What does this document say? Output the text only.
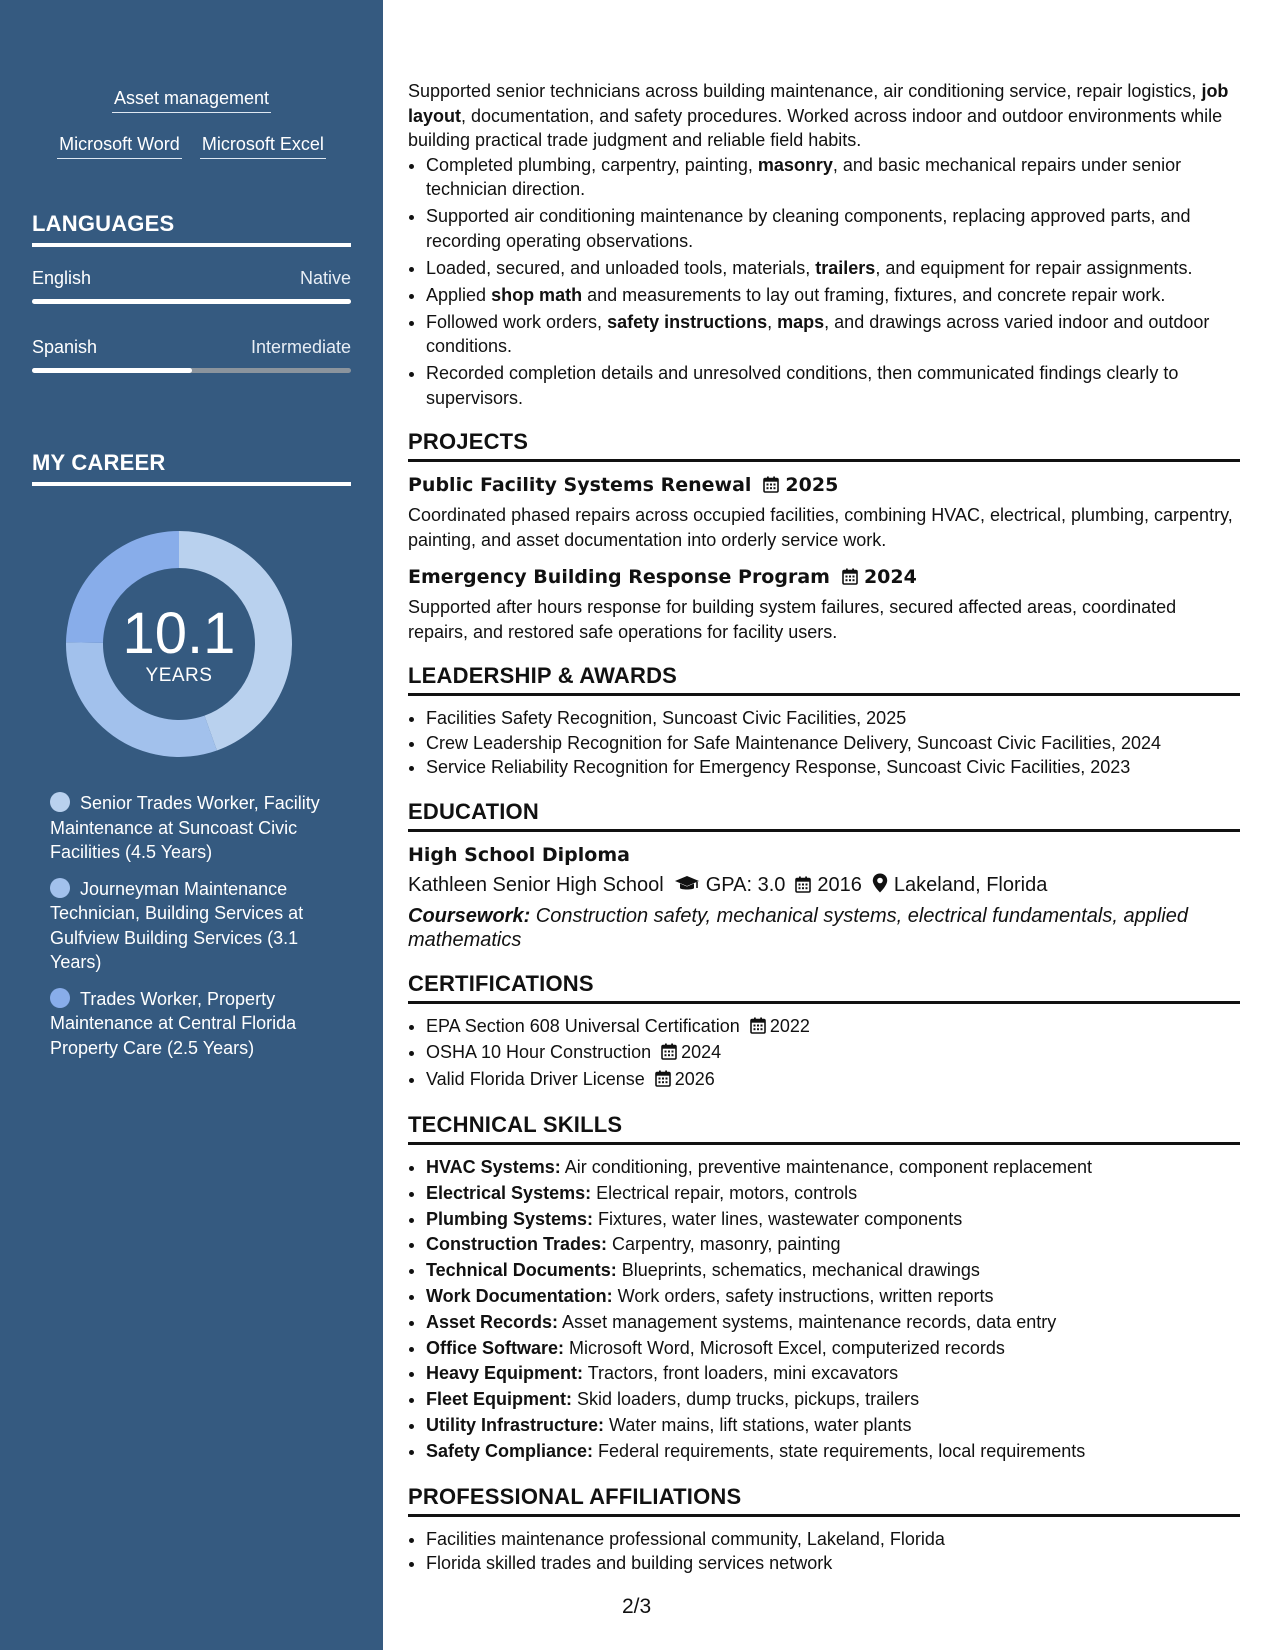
Asset management
Microsoft Word Microsoft Excel
LANGUAGES
English	Native
Spanish	Intermediate
MY CAREER
10.1
YEARS
Senior Trades Worker, Facility Maintenance at Suncoast Civic Facilities (4.5 Years)
Journeyman Maintenance Technician, Building Services at Gulfview Building Services (3.1 Years)
Trades Worker, Property Maintenance at Central Florida Property Care (2.5 Years)
Supported senior technicians across building maintenance, air conditioning service, repair logistics, job layout, documentation, and safety procedures. Worked across indoor and outdoor environments while building practical trade judgment and reliable field habits.
• Completed plumbing, carpentry, painting, masonry, and basic mechanical repairs under senior technician direction.
• Supported air conditioning maintenance by cleaning components, replacing approved parts, and recording operating observations.
• Loaded, secured, and unloaded tools, materials, trailers, and equipment for repair assignments.
• Applied shop math and measurements to lay out framing, fixtures, and concrete repair work.
• Followed work orders, safety instructions, maps, and drawings across varied indoor and outdoor conditions.
• Recorded completion details and unresolved conditions, then communicated findings clearly to supervisors.
PROJECTS
Public Facility Systems Renewal 2025
Coordinated phased repairs across occupied facilities, combining HVAC, electrical, plumbing, carpentry, painting, and asset documentation into orderly service work.
Emergency Building Response Program 2024
Supported after hours response for building system failures, secured affected areas, coordinated repairs, and restored safe operations for facility users.
LEADERSHIP & AWARDS
• Facilities Safety Recognition, Suncoast Civic Facilities, 2025
• Crew Leadership Recognition for Safe Maintenance Delivery, Suncoast Civic Facilities, 2024
• Service Reliability Recognition for Emergency Response, Suncoast Civic Facilities, 2023
EDUCATION
High School Diploma
Kathleen Senior High School GPA: 3.0 2016 Lakeland, Florida
Coursework: Construction safety, mechanical systems, electrical fundamentals, applied mathematics
CERTIFICATIONS
• EPA Section 608 Universal Certification 2022
• OSHA 10 Hour Construction 2024
• Valid Florida Driver License 2026
TECHNICAL SKILLS
• HVAC Systems: Air conditioning, preventive maintenance, component replacement
• Electrical Systems: Electrical repair, motors, controls
• Plumbing Systems: Fixtures, water lines, wastewater components
• Construction Trades: Carpentry, masonry, painting
• Technical Documents: Blueprints, schematics, mechanical drawings
• Work Documentation: Work orders, safety instructions, written reports
• Asset Records: Asset management systems, maintenance records, data entry
• Office Software: Microsoft Word, Microsoft Excel, computerized records
• Heavy Equipment: Tractors, front loaders, mini excavators
• Fleet Equipment: Skid loaders, dump trucks, pickups, trailers
• Utility Infrastructure: Water mains, lift stations, water plants
• Safety Compliance: Federal requirements, state requirements, local requirements
PROFESSIONAL AFFILIATIONS
• Facilities maintenance professional community, Lakeland, Florida
• Florida skilled trades and building services network
2/3
